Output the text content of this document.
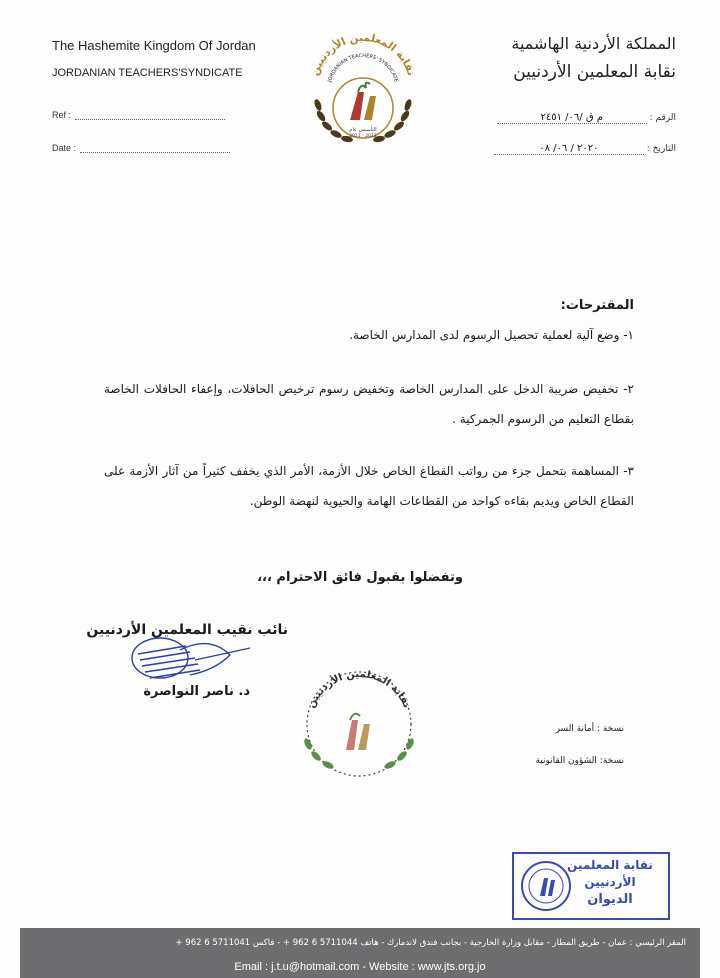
The Hashemite Kingdom Of Jordan
JORDANIAN TEACHERS'SYNDICATE
المملكة الأردنية الهاشمية
نقابة المعلمين الأردنيين
Ref :
Date :
الرقم : م ق /٠٦/ ٢٤٥١
التاريخ : ٢٠٢٠ / ٠٦/ ٠٨
نقابة المعلمين الأردنيين
JORDANIAN TEACHERS' SYNDICATE
التأسيس عام
2011 - 2012
المقترحات:
١- وضع آلية لعملية تحصيل الرسوم لدى المدارس الخاصة.
٢- تخفيض ضريبة الدخل على المدارس الخاصة وتخفيض رسوم ترخيص الحافلات، وإعفاء الحافلات الخاصة بقطاع التعليم من الرسوم الجمركية .
٣- المساهمة بتحمل جزء من رواتب القطاع الخاص خلال الأزمة، الأمر الذي يخفف كثيراً من آثار الأزمة على القطاع الخاص ويديم بقاءه كواحد من القطاعات الهامة والحيوية لنهضة الوطن.
وتفضلوا بقبول فائق الاحترام ،،،
نائب نقيب المعلمين الأردنيين
د. ناصر النواصرة
نقابة المعلمين الأردنيين
نسخة : أمانة السر
نسخة: الشؤون القانونية
نقابة المعلمين
الأردنيين
الديوان
المقر الرئيسي : عمان - طريق المطار - مقابل وزارة الخارجية - بجانب فندق لاندمارك - هاتف 5711044 6 962 + - فاكس 5711041 6 962 +
Email : j.t.u@hotmail.com - Website : www.jts.org.jo
